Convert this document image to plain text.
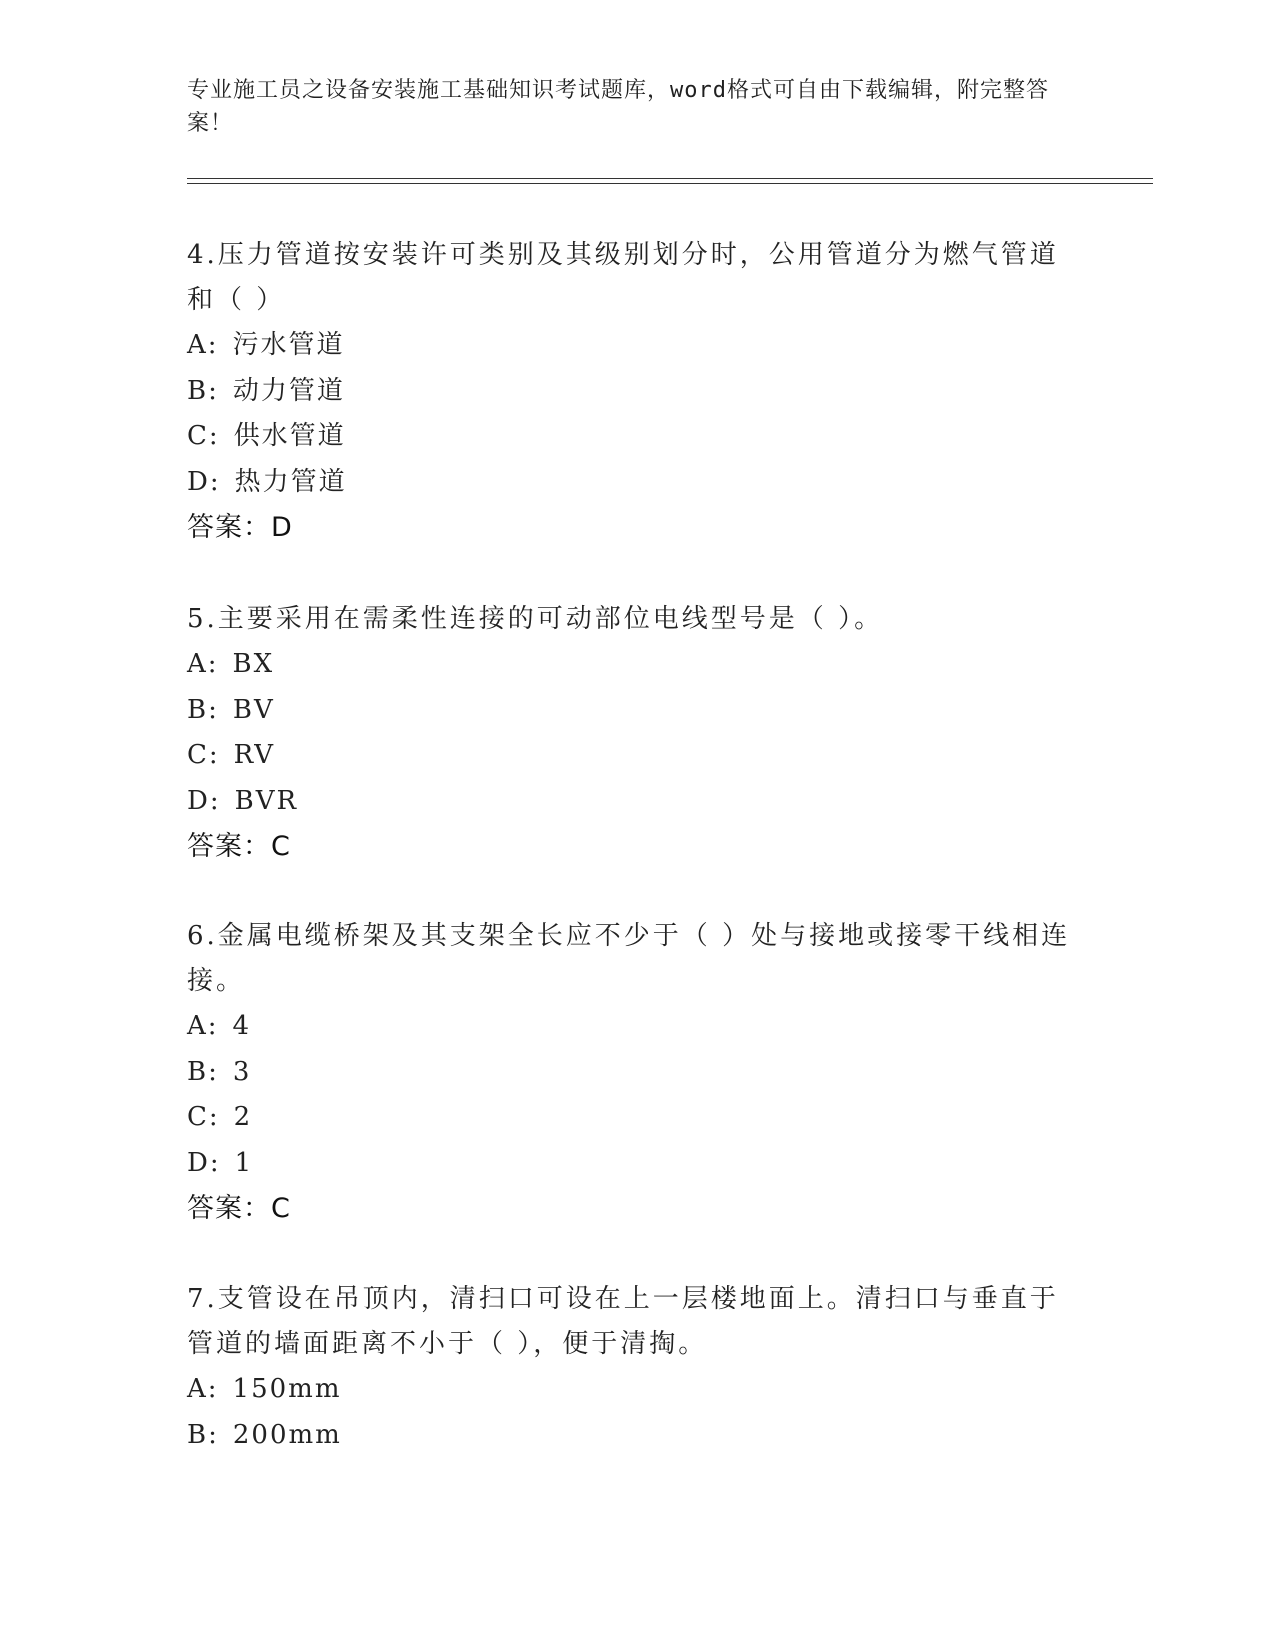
专业施工员之设备安装施工基础知识考试题库，word格式可自由下载编辑，附完整答案！
4.压力管道按安装许可类别及其级别划分时，公用管道分为燃气管道和（ ）
A: 污水管道
B: 动力管道
C: 供水管道
D: 热力管道
答案：D
5.主要采用在需柔性连接的可动部位电线型号是（ ）。
A: BX
B: BV
C: RV
D: BVR
答案：C
6.金属电缆桥架及其支架全长应不少于（ ）处与接地或接零干线相连接。
A: 4
B: 3
C: 2
D: 1
答案：C
7.支管设在吊顶内，清扫口可设在上一层楼地面上。清扫口与垂直于管道的墙面距离不小于（ ），便于清掏。
A: 150mm
B: 200mm
